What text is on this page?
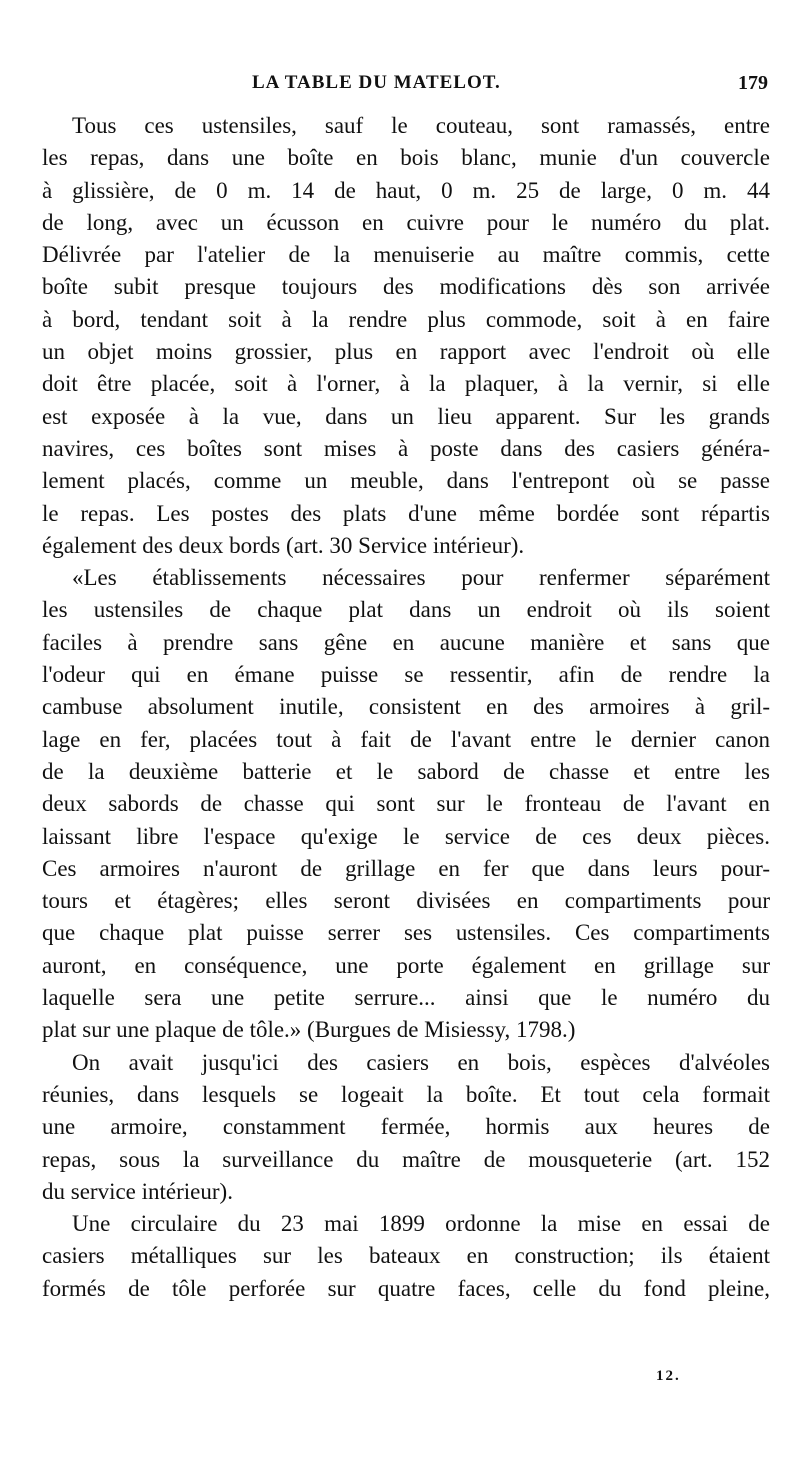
LA TABLE DU MATELOT.	179
Tous ces ustensiles, sauf le couteau, sont ramassés, entre
les repas, dans une boîte en bois blanc, munie d'un couvercle
à glissière, de 0 m. 14 de haut, 0 m. 25 de large, 0 m. 44
de long, avec un écusson en cuivre pour le numéro du plat.
Délivrée par l'atelier de la menuiserie au maître commis, cette
boîte subit presque toujours des modifications dès son arrivée
à bord, tendant soit à la rendre plus commode, soit à en faire
un objet moins grossier, plus en rapport avec l'endroit où elle
doit être placée, soit à l'orner, à la plaquer, à la vernir, si elle
est exposée à la vue, dans un lieu apparent. Sur les grands
navires, ces boîtes sont mises à poste dans des casiers généra-
lement placés, comme un meuble, dans l'entrepont où se passe
le repas. Les postes des plats d'une même bordée sont répartis
également des deux bords (art. 30 Service intérieur).
«Les établissements nécessaires pour renfermer séparément
les ustensiles de chaque plat dans un endroit où ils soient
faciles à prendre sans gêne en aucune manière et sans que
l'odeur qui en émane puisse se ressentir, afin de rendre la
cambuse absolument inutile, consistent en des armoires à gril-
lage en fer, placées tout à fait de l'avant entre le dernier canon
de la deuxième batterie et le sabord de chasse et entre les
deux sabords de chasse qui sont sur le fronteau de l'avant en
laissant libre l'espace qu'exige le service de ces deux pièces.
Ces armoires n'auront de grillage en fer que dans leurs pour-
tours et étagères; elles seront divisées en compartiments pour
que chaque plat puisse serrer ses ustensiles. Ces compartiments
auront, en conséquence, une porte également en grillage sur
laquelle sera une petite serrure... ainsi que le numéro du
plat sur une plaque de tôle.» (Burgues de Misiessy, 1798.)
On avait jusqu'ici des casiers en bois, espèces d'alvéoles
réunies, dans lesquels se logeait la boîte. Et tout cela formait
une armoire, constamment fermée, hormis aux heures de
repas, sous la surveillance du maître de mousqueterie (art. 152
du service intérieur).
Une circulaire du 23 mai 1899 ordonne la mise en essai de
casiers métalliques sur les bateaux en construction; ils étaient
formés de tôle perforée sur quatre faces, celle du fond pleine,
12.
